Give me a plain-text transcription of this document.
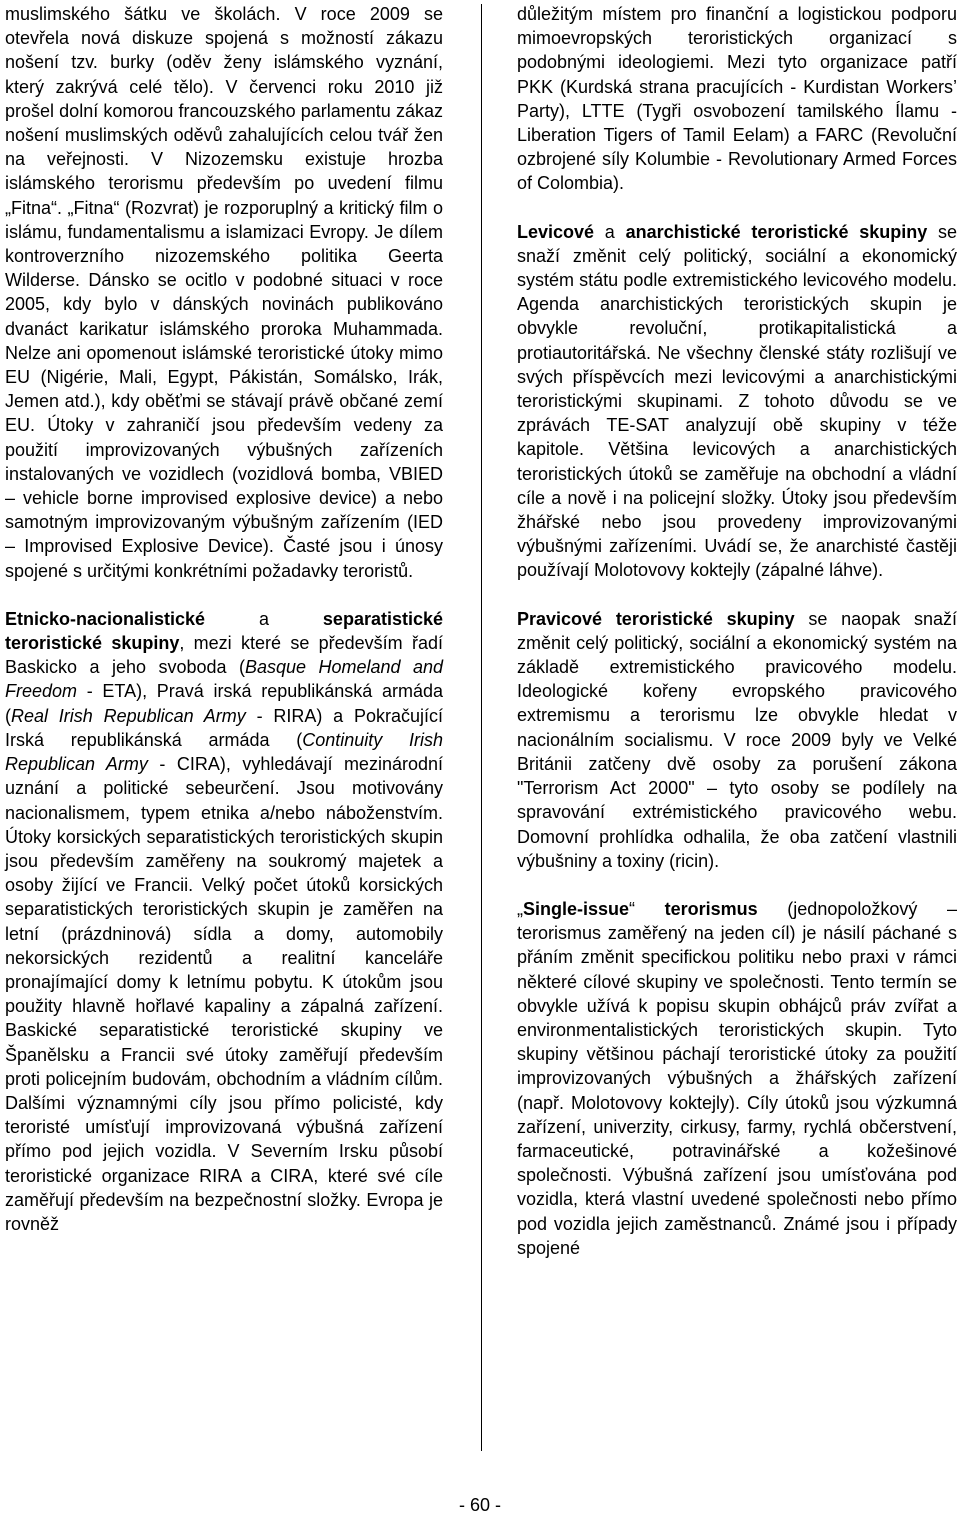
muslimského šátku ve školách. V roce 2009 se otevřela nová diskuze spojená s možností zákazu nošení tzv. burky (oděv ženy islámského vyznání, který zakrývá celé tělo). V červenci roku 2010 již prošel dolní komorou francouzského parlamentu zákaz nošení muslimských oděvů zahalujících celou tvář žen na veřejnosti. V Nizozemsku existuje hrozba islámského terorismu především po uvedení filmu „Fitna“. „Fitna“ (Rozvrat) je rozporuplný a kritický film o islámu, fundamentalismu a islamizaci Evropy. Je dílem kontroverzního nizozemského politika Geerta Wilderse. Dánsko se ocitlo v podobné situaci v roce 2005, kdy bylo v dánských novinách publikováno dvanáct karikatur islámského proroka Muhammada. Nelze ani opomenout islámské teroristické útoky mimo EU (Nigérie, Mali, Egypt, Pákistán, Somálsko, Irák, Jemen atd.), kdy oběťmi se stávají právě občané zemí EU. Útoky v zahraničí jsou především vedeny za použití improvizovaných výbušných zařízeních instalovaných ve vozidlech (vozidlová bomba, VBIED – vehicle borne improvised explosive device) a nebo samotným improvizovaným výbušným zařízením (IED – Improvised Explosive Device). Časté jsou i únosy spojené s určitými konkrétními požadavky teroristů.

Etnicko-nacionalistické a separatistické teroristické skupiny, mezi které se především řadí Baskicko a jeho svoboda (Basque Homeland and Freedom - ETA), Pravá irská republikánská armáda (Real Irish Republican Army - RIRA) a Pokračující Irská republikánská armáda (Continuity Irish Republican Army - CIRA), vyhledávají mezinárodní uznání a politické sebeurčení. Jsou motivovány nacionalismem, typem etnika a/nebo náboženstvím. Útoky korsických separatistických teroristických skupin jsou především zaměřeny na soukromý majetek a osoby žijící ve Francii. Velký počet útoků korsických separatistických teroristických skupin je zaměřen na letní (prázdninová) sídla a domy, automobily nekorsických rezidentů a realitní kanceláře pronajímající domy k letnímu pobytu. K útokům jsou použity hlavně hořlavé kapaliny a zápalná zařízení. Baskické separatistické teroristické skupiny ve Španělsku a Francii své útoky zaměřují především proti policejním budovám, obchodním a vládním cílům. Dalšími významnými cíly jsou přímo policisté, kdy teroristé umísťují improvizovaná výbušná zařízení přímo pod jejich vozidla. V Severním Irsku působí teroristické organizace RIRA a CIRA, které své cíle zaměřují především na bezpečnostní složky. Evropa je rovněž

důležitým místem pro finanční a logistickou podporu mimoevropských teroristických organizací s podobnými ideologiemi. Mezi tyto organizace patří PKK (Kurdská strana pracujících - Kurdistan Workers’ Party), LTTE (Tygři osvobození tamilského Ílamu - Liberation Tigers of Tamil Eelam) a FARC (Revoluční ozbrojené síly Kolumbie - Revolutionary Armed Forces of Colombia).

Levicové a anarchistické teroristické skupiny se snaží změnit celý politický, sociální a ekonomický systém státu podle extremistického levicového modelu. Agenda anarchistických teroristických skupin je obvykle revoluční, protikapitalistická a protiautoritářská. Ne všechny členské státy rozlišují ve svých příspěvcích mezi levicovými a anarchistickými teroristickými skupinami. Z tohoto důvodu se ve zprávách TE-SAT analyzují obě skupiny v téže kapitole. Většina levicových a anarchistických teroristických útoků se zaměřuje na obchodní a vládní cíle a nově i na policejní složky. Útoky jsou především žhářské nebo jsou provedeny improvizovanými výbušnými zařízeními. Uvádí se, že anarchisté častěji používají Molotovovy koktejly (zápalné láhve).

Pravicové teroristické skupiny se naopak snaží změnit celý politický, sociální a ekonomický systém na základě extremistického pravicového modelu. Ideologické kořeny evropského pravicového extremismu a terorismu lze obvykle hledat v nacionálním socialismu. V roce 2009 byly ve Velké Británii zatčeny dvě osoby za porušení zákona "Terrorism Act 2000" – tyto osoby se podílely na spravování extrémistického pravicového webu. Domovní prohlídka odhalila, že oba zatčení vlastnili výbušniny a toxiny (ricin).

„Single-issue“ terorismus (jednopoložkový – terorismus zaměřený na jeden cíl) je násilí páchané s přáním změnit specifickou politiku nebo praxi v rámci některé cílové skupiny ve společnosti. Tento termín se obvykle užívá k popisu skupin obhájců práv zvířat a environmentalistických teroristických skupin. Tyto skupiny většinou páchají teroristické útoky za použití improvizovaných výbušných a žhářských zařízení (např. Molotovovy koktejly). Cíly útoků jsou výzkumná zařízení, univerzity, cirkusy, farmy, rychlá občerstvení, farmaceutické, potravinářské a kožešinové společnosti. Výbušná zařízení jsou umísťována pod vozidla, která vlastní uvedené společnosti nebo přímo pod vozidla jejich zaměstnanců. Známé jsou i případy spojené

- 60 -
